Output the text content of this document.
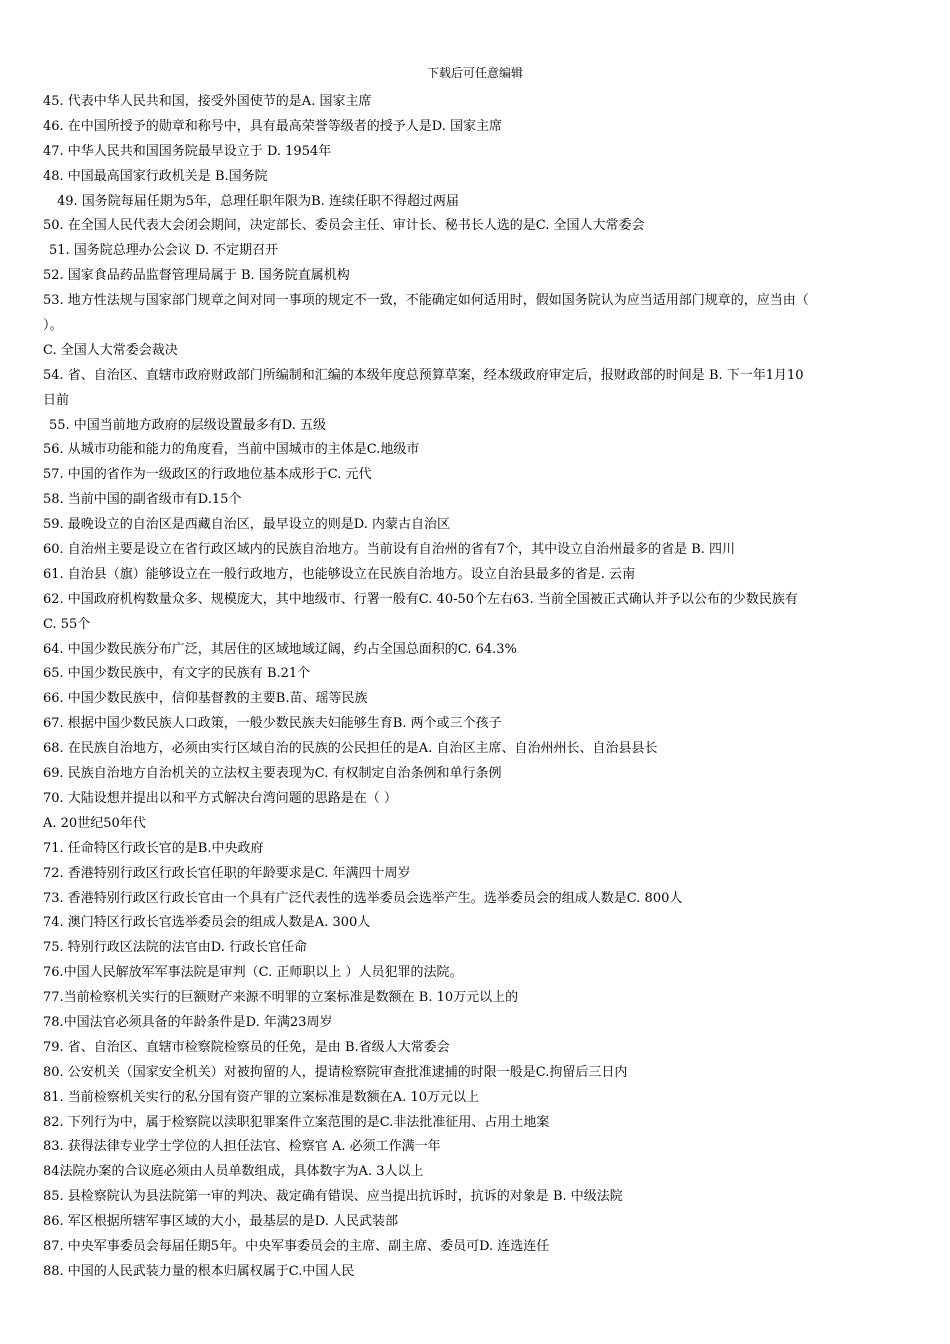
下载后可任意编辑
45. 代表中华人民共和国，接受外国使节的是A. 国家主席
46. 在中国所授予的勋章和称号中，具有最高荣誉等级者的授予人是D. 国家主席
47. 中华人民共和国国务院最早设立于 D. 1954年
48. 中国最高国家行政机关是 B.国务院
49. 国务院每届任期为5年，总理任职年限为B. 连续任职不得超过两届
50. 在全国人民代表大会闭会期间，决定部长、委员会主任、审计长、秘书长人选的是C. 全国人大常委会
51. 国务院总理办公会议 D. 不定期召开
52. 国家食品药品监督管理局属于 B. 国务院直属机构
53. 地方性法规与国家部门规章之间对同一事项的规定不一致，不能确定如何适用时，假如国务院认为应当适用部门规章的，应当由（
）。
C. 全国人大常委会裁决
54. 省、自治区、直辖市政府财政部门所编制和汇编的本级年度总预算草案，经本级政府审定后，报财政部的时间是 B. 下一年1月10
日前
55. 中国当前地方政府的层级设置最多有D. 五级
56. 从城市功能和能力的角度看，当前中国城市的主体是C.地级市
57. 中国的省作为一级政区的行政地位基本成形于C. 元代
58. 当前中国的副省级市有D.15个
59. 最晚设立的自治区是西藏自治区，最早设立的则是D. 内蒙古自治区
60. 自治州主要是设立在省行政区域内的民族自治地方。当前设有自治州的省有7个，其中设立自治州最多的省是 B. 四川
61. 自治县（旗）能够设立在一般行政地方，也能够设立在民族自治地方。设立自治县最多的省是. 云南
62. 中国政府机构数量众多、规模庞大，其中地级市、行署一般有C. 40-50个左右63. 当前全国被正式确认并予以公布的少数民族有
C. 55个
64. 中国少数民族分布广泛，其居住的区域地域辽阔，约占全国总面积的C. 64.3%
65. 中国少数民族中，有文字的民族有 B.21个
66. 中国少数民族中，信仰基督教的主要B.苗、瑶等民族
67. 根据中国少数民族人口政策，一般少数民族夫妇能够生育B. 两个或三个孩子
68. 在民族自治地方，必须由实行区域自治的民族的公民担任的是A. 自治区主席、自治州州长、自治县县长
69. 民族自治地方自治机关的立法权主要表现为C. 有权制定自治条例和单行条例
70. 大陆设想并提出以和平方式解决台湾问题的思路是在（ ）
A. 20世纪50年代
71. 任命特区行政长官的是B.中央政府
72. 香港特别行政区行政长官任职的年龄要求是C. 年满四十周岁
73. 香港特别行政区行政长官由一个具有广泛代表性的选举委员会选举产生。选举委员会的组成人数是C. 800人
74. 澳门特区行政长官选举委员会的组成人数是A. 300人
75. 特别行政区法院的法官由D. 行政长官任命
76.中国人民解放军军事法院是审判（C. 正师职以上 ）人员犯罪的法院。
77.当前检察机关实行的巨额财产来源不明罪的立案标准是数额在 B. 10万元以上的
78.中国法官必须具备的年龄条件是D. 年满23周岁
79. 省、自治区、直辖市检察院检察员的任免，是由 B.省级人大常委会
80. 公安机关（国家安全机关）对被拘留的人，提请检察院审查批准逮捕的时限一般是C.拘留后三日内
81. 当前检察机关实行的私分国有资产罪的立案标准是数额在A. 10万元以上
82. 下列行为中，属于检察院以渎职犯罪案件立案范围的是C.非法批准征用、占用土地案
83. 获得法律专业学士学位的人担任法官、检察官 A. 必须工作满一年
84法院办案的合议庭必须由人员单数组成，具体数字为A. 3人以上
85. 县检察院认为县法院第一审的判决、裁定确有错误、应当提出抗诉时，抗诉的对象是 B. 中级法院
86. 军区根据所辖军事区域的大小，最基层的是D. 人民武装部
87. 中央军事委员会每届任期5年。中央军事委员会的主席、副主席、委员可D. 连选连任
88. 中国的人民武装力量的根本归属权属于C.中国人民
